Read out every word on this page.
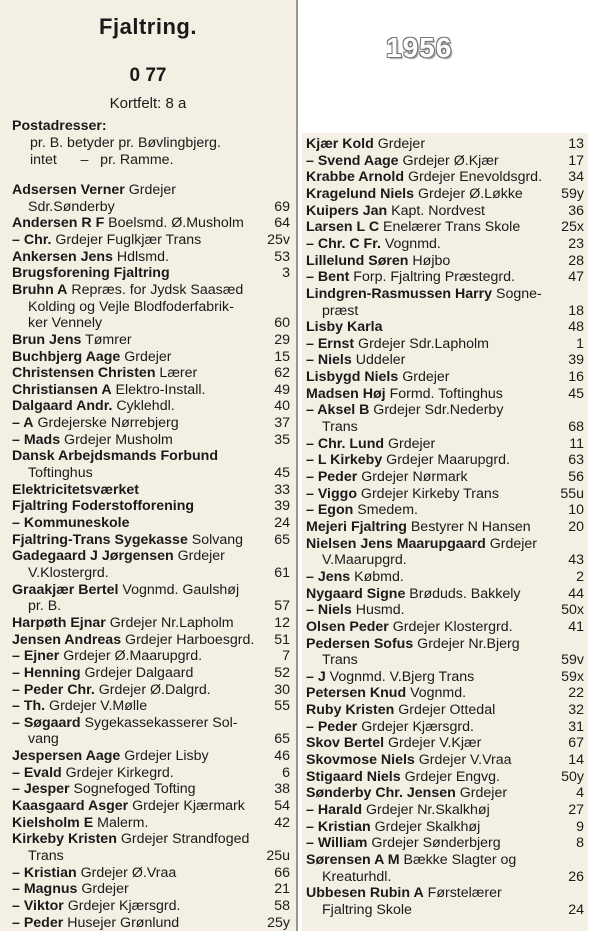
1956
Fjaltring.
0 77
Kortfelt: 8 a
Postadresser:
pr. B. betyder pr. Bøvlingbjerg.
intet      –   pr. Ramme.
Adsersen Verner Grdejer
Sdr.Sønderby	69
Andersen R F Boelsmd. Ø.Musholm 64
– Chr. Grdejer Fuglkjær Trans	25v
Ankersen Jens Hdlsmd.	53
Brugsforening Fjaltring	3
Bruhn A Repræs. for Jydsk Saasæd
Kolding og Vejle Blodfoderfabrik-
ker Vennely	60
Brun Jens Tømrer	29
Buchbjerg Aage Grdejer	15
Christensen Christen Lærer	62
Christiansen A Elektro-Install.	49
Dalgaard Andr. Cyklehdl.	40
– A Grdejerske Nørrebjerg	37
– Mads Grdejer Musholm	35
Dansk Arbejdsmands Forbund
Toftinghus	45
Elektricitetsværket	33
Fjaltring Foderstofforening	39
– Kommuneskole	24
Fjaltring-Trans Sygekasse Solvang 65
Gadegaard J Jørgensen Grdejer
V.Klostergrd.	61
Graakjær Bertel Vognmd. Gaulshøj
pr. B.	57
Harpøth Ejnar Grdejer Nr.Lapholm	12
Jensen Andreas Grdejer Harboesgrd. 51
– Ejner Grdejer Ø.Maarupgrd.	7
– Henning Grdejer Dalgaard	52
– Peder Chr. Grdejer Ø.Dalgrd.	30
– Th. Grdejer V.Mølle	55
– Søgaard Sygekassekasserer Sol-
vang	65
Jespersen Aage Grdejer Lisby	46
– Evald Grdejer Kirkegrd.	6
– Jesper Sognefoged Tofting	38
Kaasgaard Asger Grdejer Kjærmark 54
Kielsholm E Malerm.	42
Kirkeby Kristen Grdejer Strandfoged
Trans	25u
– Kristian Grdejer Ø.Vraa	66
– Magnus Grdejer	21
– Viktor Grdejer Kjærsgrd.	58
– Peder Husejer Grønlund	25y
Kjær Kold Grdejer	13
– Svend Aage Grdejer Ø.Kjær	17
Krabbe Arnold Grdejer Enevoldsgrd. 34
Kragelund Niels Grdejer Ø.Løkke	59y
Kuipers Jan Kapt. Nordvest	36
Larsen L C Enelærer Trans Skole	25x
– Chr. C Fr. Vognmd.	23
Lillelund Søren Højbo	28
– Bent Forp. Fjaltring Præstegrd.	47
Lindgren-Rasmussen Harry Sogne-
præst	18
Lisby Karla	48
– Ernst Grdejer Sdr.Lapholm	1
– Niels Uddeler	39
Lisbygd Niels Grdejer	16
Madsen Høj Formd. Toftinghus	45
– Aksel B Grdejer Sdr.Nederby
Trans	68
– Chr. Lund Grdejer	11
– L Kirkeby Grdejer Maarupgrd.	63
– Peder Grdejer Nørmark	56
– Viggo Grdejer Kirkeby Trans	55u
– Egon Smedem.	10
Mejeri Fjaltring Bestyrer N Hansen	20
Nielsen Jens Maarupgaard Grdejer
V.Maarupgrd.	43
– Jens Købmd.	2
Nygaard Signe Brøduds. Bakkely	44
– Niels Husmd.	50x
Olsen Peder Grdejer Klostergrd.	41
Pedersen Sofus Grdejer Nr.Bjerg
Trans	59v
– J Vognmd. V.Bjerg Trans	59x
Petersen Knud Vognmd.	22
Ruby Kristen Grdejer Ottedal	32
– Peder Grdejer Kjærsgrd.	31
Skov Bertel Grdejer V.Kjær	67
Skovmose Niels Grdejer V.Vraa	14
Stigaard Niels Grdejer Engvg.	50y
Sønderby Chr. Jensen Grdejer	4
– Harald Grdejer Nr.Skalkhøj	27
– Kristian Grdejer Skalkhøj	9
– William Grdejer Sønderbjerg	8
Sørensen A M Bække Slagter og
Kreaturhdl.	26
Ubbesen Rubin A Førstelærer
Fjaltring Skole	24
